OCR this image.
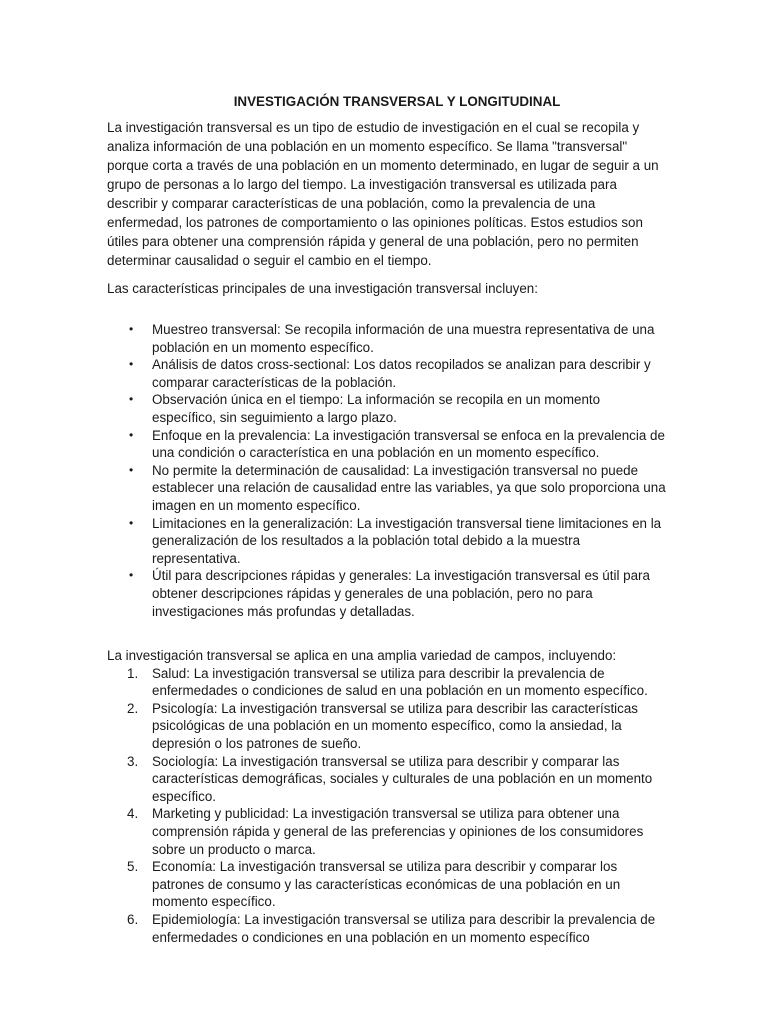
INVESTIGACIÓN TRANSVERSAL Y LONGITUDINAL

La investigación transversal es un tipo de estudio de investigación en el cual se recopila y analiza información de una población en un momento específico. Se llama "transversal" porque corta a través de una población en un momento determinado, en lugar de seguir a un grupo de personas a lo largo del tiempo. La investigación transversal es utilizada para describir y comparar características de una población, como la prevalencia de una enfermedad, los patrones de comportamiento o las opiniones políticas. Estos estudios son útiles para obtener una comprensión rápida y general de una población, pero no permiten determinar causalidad o seguir el cambio en el tiempo.

Las características principales de una investigación transversal incluyen:

• Muestreo transversal: Se recopila información de una muestra representativa de una población en un momento específico.
• Análisis de datos cross-sectional: Los datos recopilados se analizan para describir y comparar características de la población.
• Observación única en el tiempo: La información se recopila en un momento específico, sin seguimiento a largo plazo.
• Enfoque en la prevalencia: La investigación transversal se enfoca en la prevalencia de una condición o característica en una población en un momento específico.
• No permite la determinación de causalidad: La investigación transversal no puede establecer una relación de causalidad entre las variables, ya que solo proporciona una imagen en un momento específico.
• Limitaciones en la generalización: La investigación transversal tiene limitaciones en la generalización de los resultados a la población total debido a la muestra representativa.
• Útil para descripciones rápidas y generales: La investigación transversal es útil para obtener descripciones rápidas y generales de una población, pero no para investigaciones más profundas y detalladas.

La investigación transversal se aplica en una amplia variedad de campos, incluyendo:

1. Salud: La investigación transversal se utiliza para describir la prevalencia de enfermedades o condiciones de salud en una población en un momento específico.
2. Psicología: La investigación transversal se utiliza para describir las características psicológicas de una población en un momento específico, como la ansiedad, la depresión o los patrones de sueño.
3. Sociología: La investigación transversal se utiliza para describir y comparar las características demográficas, sociales y culturales de una población en un momento específico.
4. Marketing y publicidad: La investigación transversal se utiliza para obtener una comprensión rápida y general de las preferencias y opiniones de los consumidores sobre un producto o marca.
5. Economía: La investigación transversal se utiliza para describir y comparar los patrones de consumo y las características económicas de una población en un momento específico.
6. Epidemiología: La investigación transversal se utiliza para describir la prevalencia de enfermedades o condiciones en una población en un momento específico
